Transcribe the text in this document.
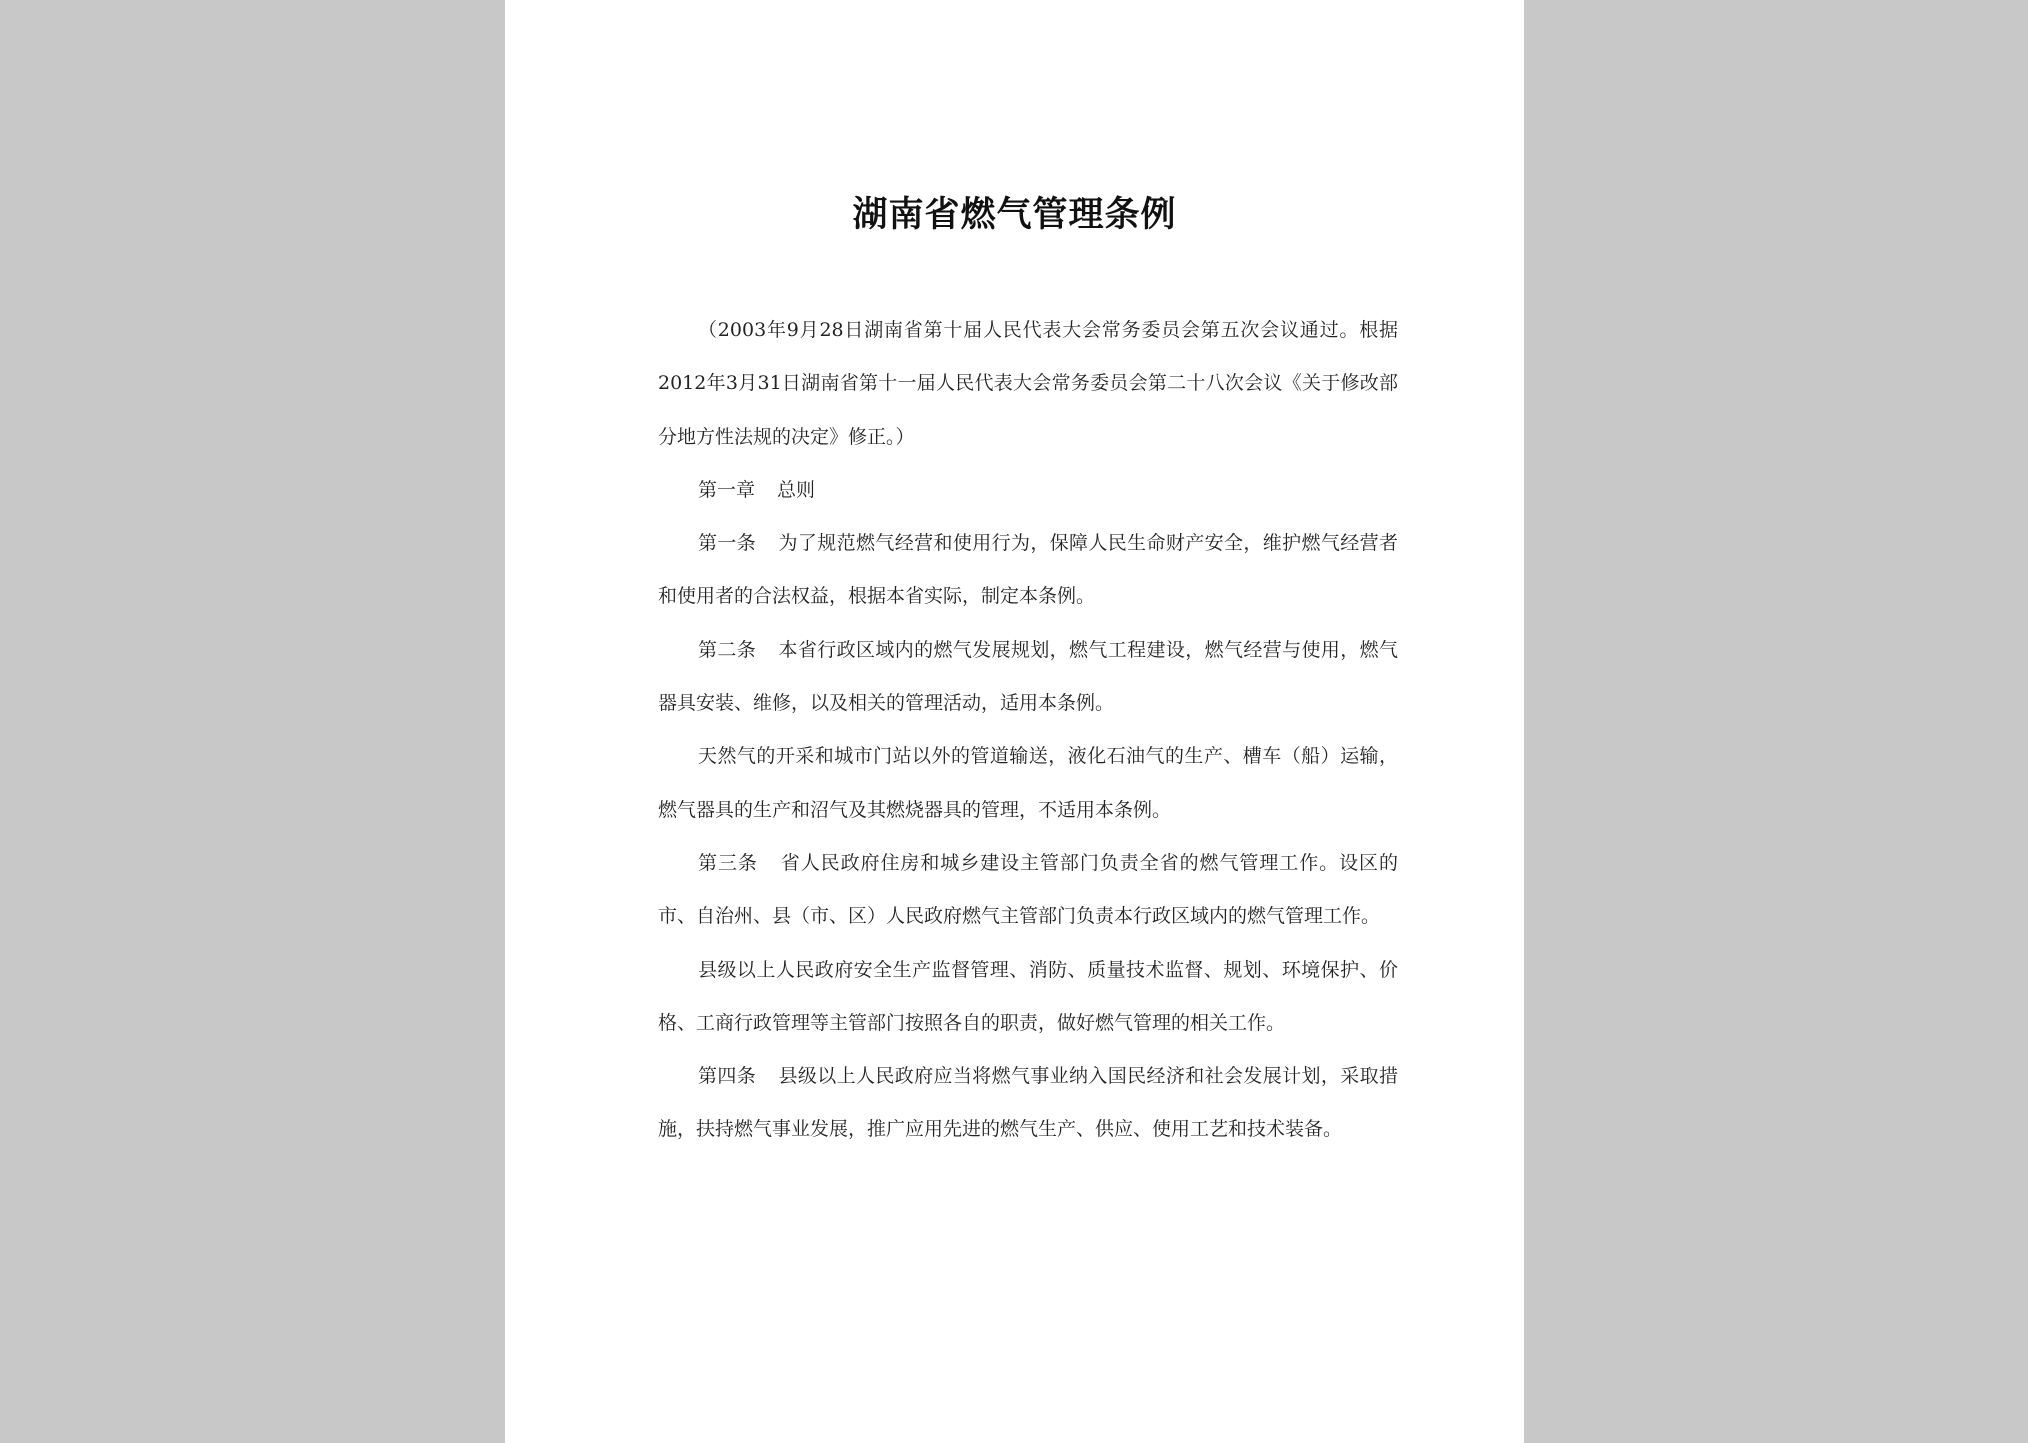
湖南省燃气管理条例

（2003年9月28日湖南省第十届人民代表大会常务委员会第五次会议通过。根据2012年3月31日湖南省第十一届人民代表大会常务委员会第二十八次会议《关于修改部分地方性法规的决定》修正。）

第一章 总则

第一条 为了规范燃气经营和使用行为，保障人民生命财产安全，维护燃气经营者和使用者的合法权益，根据本省实际，制定本条例。

第二条 本省行政区域内的燃气发展规划，燃气工程建设，燃气经营与使用，燃气器具安装、维修，以及相关的管理活动，适用本条例。

天然气的开采和城市门站以外的管道输送，液化石油气的生产、槽车（船）运输，燃气器具的生产和沼气及其燃烧器具的管理，不适用本条例。

第三条 省人民政府住房和城乡建设主管部门负责全省的燃气管理工作。设区的市、自治州、县（市、区）人民政府燃气主管部门负责本行政区域内的燃气管理工作。

县级以上人民政府安全生产监督管理、消防、质量技术监督、规划、环境保护、价格、工商行政管理等主管部门按照各自的职责，做好燃气管理的相关工作。

第四条 县级以上人民政府应当将燃气事业纳入国民经济和社会发展计划，采取措施，扶持燃气事业发展，推广应用先进的燃气生产、供应、使用工艺和技术装备。
